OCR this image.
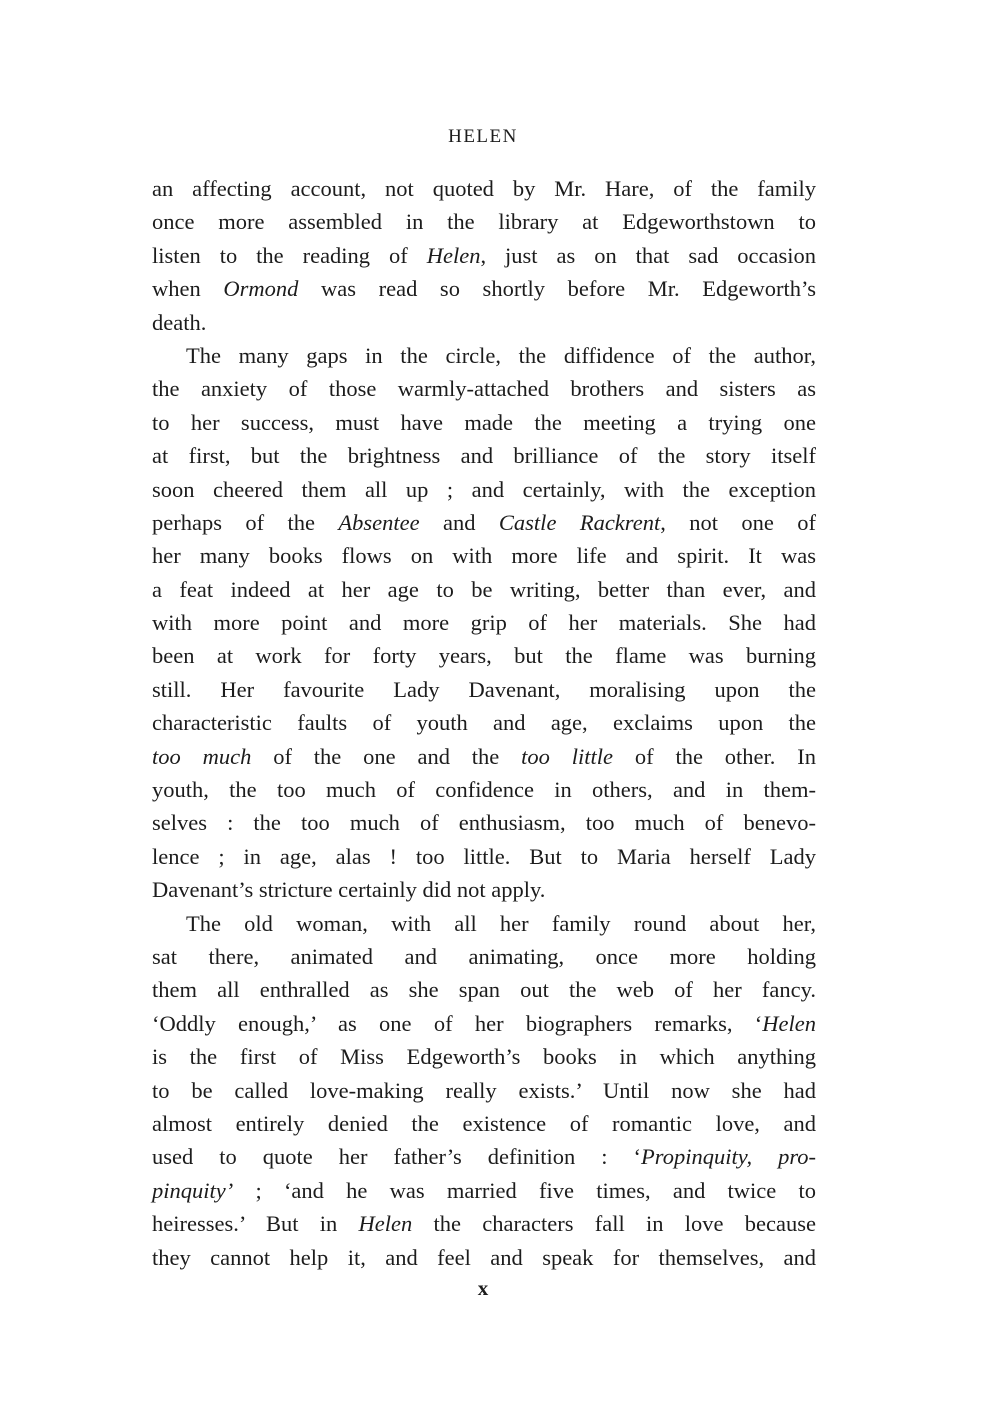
HELEN
an affecting account, not quoted by Mr. Hare, of the family
once more assembled in the library at Edgeworthstown to
listen to the reading of Helen, just as on that sad occasion
when Ormond was read so shortly before Mr. Edgeworth’s
death.
The many gaps in the circle, the diffidence of the author,
the anxiety of those warmly-attached brothers and sisters as
to her success, must have made the meeting a trying one
at first, but the brightness and brilliance of the story itself
soon cheered them all up ; and certainly, with the exception
perhaps of the Absentee and Castle Rackrent, not one of
her many books flows on with more life and spirit. It was
a feat indeed at her age to be writing, better than ever, and
with more point and more grip of her materials. She had
been at work for forty years, but the flame was burning
still. Her favourite Lady Davenant, moralising upon the
characteristic faults of youth and age, exclaims upon the
too much of the one and the too little of the other. In
youth, the too much of confidence in others, and in them-
selves : the too much of enthusiasm, too much of benevo-
lence ; in age, alas ! too little. But to Maria herself Lady
Davenant’s stricture certainly did not apply.
The old woman, with all her family round about her,
sat there, animated and animating, once more holding
them all enthralled as she span out the web of her fancy.
‘Oddly enough,’ as one of her biographers remarks, ‘Helen
is the first of Miss Edgeworth’s books in which anything
to be called love-making really exists.’ Until now she had
almost entirely denied the existence of romantic love, and
used to quote her father’s definition : ‘Propinquity, pro-
pinquity’ ; ‘and he was married five times, and twice to
heiresses.’ But in Helen the characters fall in love because
they cannot help it, and feel and speak for themselves, and
x
